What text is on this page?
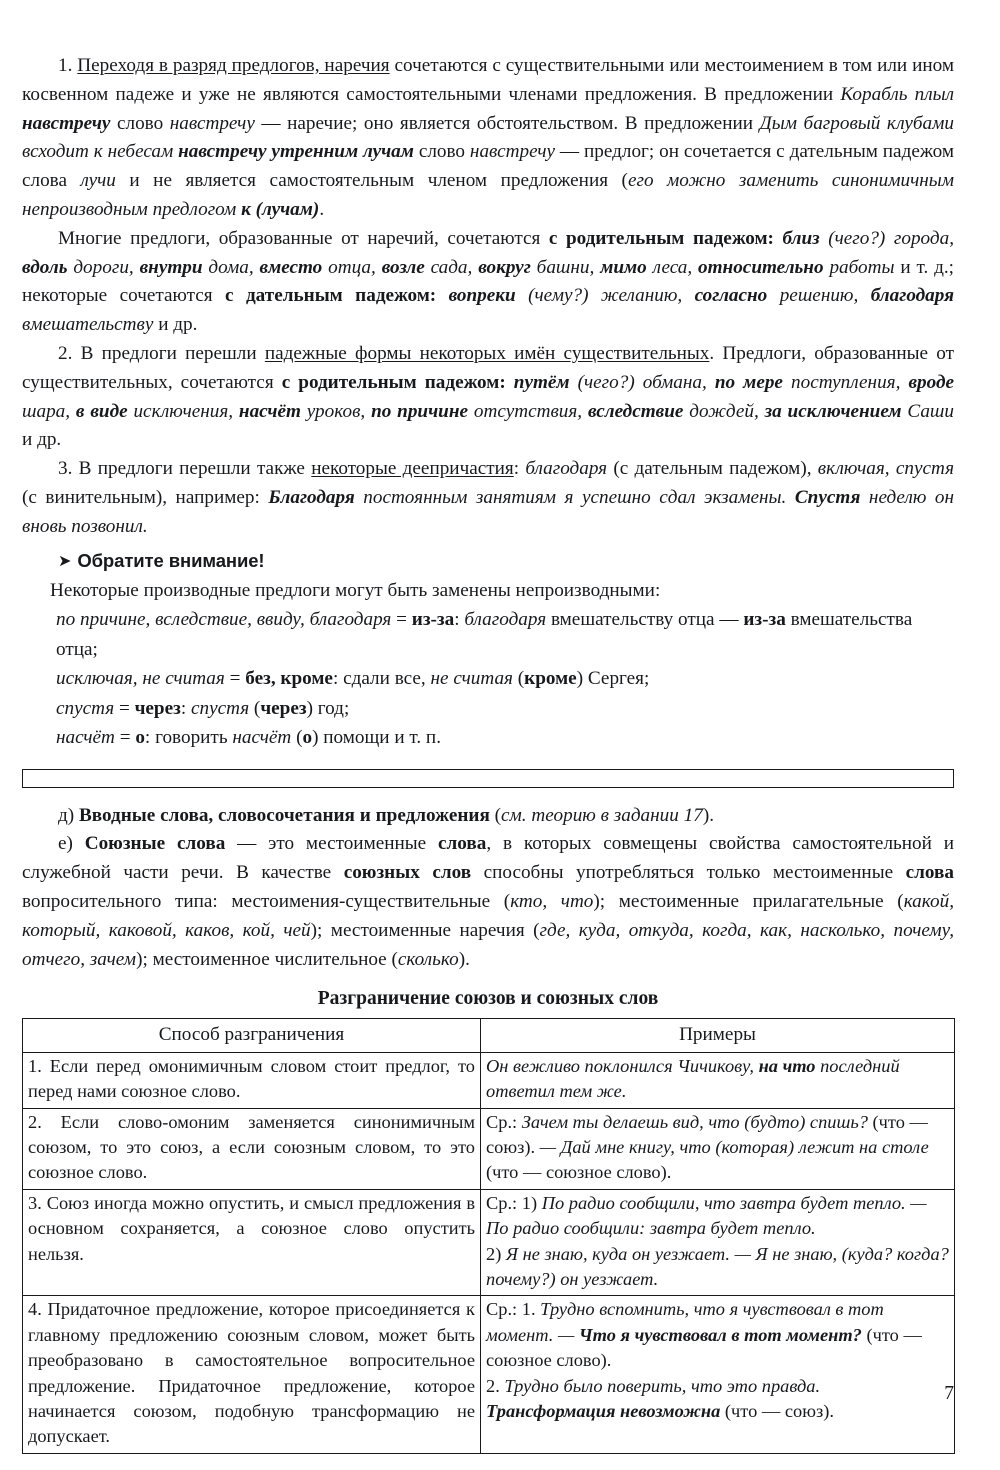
1. Переходя в разряд предлогов, наречия сочетаются с существительными или местоимением в том или ином косвенном падеже и уже не являются самостоятельными членами предложения. В предложении Корабль плыл навстречу слово навстречу — наречие; оно является обстоятельством. В предложении Дым багровый клубами всходит к небесам навстречу утренним лучам слово навстречу — предлог; он сочетается с дательным падежом слова лучи и не является самостоятельным членом предложения (его можно заменить синонимичным непроизводным предлогом к (лучам).

Многие предлоги, образованные от наречий, сочетаются с родительным падежом: близ (чего?) города, вдоль дороги, внутри дома, вместо отца, возле сада, вокруг башни, мимо леса, относительно работы и т. д.; некоторые сочетаются с дательным падежом: вопреки (чему?) желанию, согласно решению, благодаря вмешательству и др.

2. В предлоги перешли падежные формы некоторых имён существительных. Предлоги, образованные от существительных, сочетаются с родительным падежом: путём (чего?) обмана, по мере поступления, вроде шара, в виде исключения, насчёт уроков, по причине отсутствия, вследствие дождей, за исключением Саши и др.

3. В предлоги перешли также некоторые деепричастия: благодаря (с дательным падежом), включая, спустя (с винительным), например: Благодаря постоянным занятиям я успешно сдал экзамены. Спустя неделю он вновь позвонил.

➤ Обратите внимание!

Некоторые производные предлоги могут быть заменены непроизводными:

по причине, вследствие, ввиду, благодаря = из-за: благодаря вмешательству отца — из-за вмешательства отца;

исключая, не считая = без, кроме: сдали все, не считая (кроме) Сергея;

спустя = через: спустя (через) год;

насчёт = о: говорить насчёт (о) помощи и т. п.

д) Вводные слова, словосочетания и предложения (см. теорию в задании 17).

е) Союзные слова — это местоименные слова, в которых совмещены свойства самостоятельной и служебной части речи. В качестве союзных слов способны употребляться только местоименные слова вопросительного типа: местоимения-существительные (кто, что); местоименные прилагательные (какой, который, каковой, каков, кой, чей); местоименные наречия (где, куда, откуда, когда, как, насколько, почему, отчего, зачем); местоименное числительное (сколько).

Разграничение союзов и союзных слов
Способ разграничения	Примеры
1. Если перед омонимичным словом стоит предлог, то перед нами союзное слово.	Он вежливо поклонился Чичикову, на что последний ответил тем же.
2. Если слово-омоним заменяется синонимичным союзом, то это союз, а если союзным словом, то это союзное слово.	Ср.: Зачем ты делаешь вид, что (будто) спишь? (что — союз). — Дай мне книгу, что (которая) лежит на столе (что — союзное слово).
3. Союз иногда можно опустить, и смысл предложения в основном сохраняется, а союзное слово опустить нельзя.	Ср.: 1) По радио сообщили, что завтра будет тепло. — По радио сообщили: завтра будет тепло.
2) Я не знаю, куда он уезжает. — Я не знаю, (куда? когда? почему?) он уезжает.
4. Придаточное предложение, которое присоединяется к главному предложению союзным словом, может быть преобразовано в самостоятельное вопросительное предложение. Придаточное предложение, которое начинается союзом, подобную трансформацию не допускает.	Ср.: 1. Трудно вспомнить, что я чувствовал в тот момент. — Что я чувствовал в тот момент? (что — союзное слово).
2. Трудно было поверить, что это правда. Трансформация невозможна (что — союз).
7
